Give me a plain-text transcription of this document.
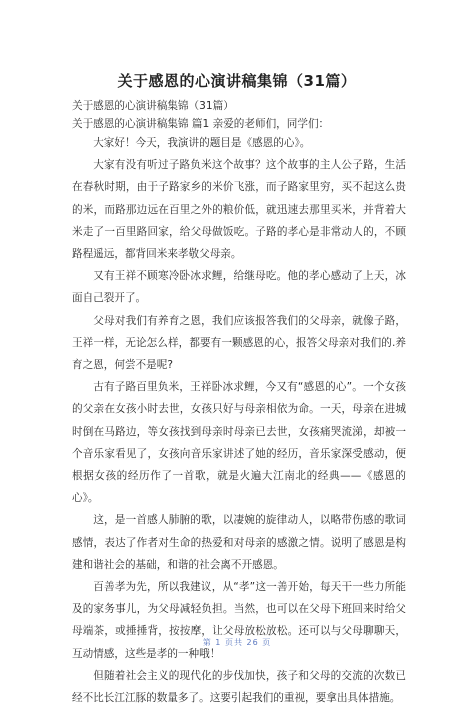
关于感恩的心演讲稿集锦（31篇）
关于感恩的心演讲稿集锦（31篇）
关于感恩的心演讲稿集锦 篇1 亲爱的老师们，同学们：

大家好！今天，我演讲的题目是《感恩的心》。

大家有没有听过子路负米这个故事？这个故事的主人公子路，生活在春秋时期，由于子路家乡的米价飞涨，而子路家里穷，买不起这么贵的米，而路那边远在百里之外的粮价低，就迅速去那里买米，并背着大米走了一百里路回家，给父母做饭吃。子路的孝心是非常动人的，不顾路程遥远，都背回米来孝敬父母亲。

又有王祥不顾寒冷卧冰求鲤，给继母吃。他的孝心感动了上天，冰面自己裂开了。

父母对我们有养育之恩，我们应该报答我们的父母亲，就像子路，王祥一样，无论怎么样，都要有一颗感恩的心，报答父母亲对我们的.养育之恩，何尝不是呢?

古有子路百里负米，王祥卧冰求鲤，今又有“感恩的心”。一个女孩的父亲在女孩小时去世，女孩只好与母亲相依为命。一天，母亲在进城时倒在马路边，等女孩找到母亲时母亲已去世，女孩痛哭流涕，却被一个音乐家看见了，女孩向音乐家讲述了她的经历，音乐家深受感动，便根据女孩的经历作了一首歌，就是火遍大江南北的经典——《感恩的心》。

这，是一首感人肺腑的歌，以凄婉的旋律动人，以略带伤感的歌词感情，表达了作者对生命的热爱和对母亲的感激之情。说明了感恩是构建和谐社会的基础，和谐的社会离不开感恩。

百善孝为先，所以我建议，从“孝”这一善开始，每天干一些力所能及的家务事儿，为父母减轻负担。当然，也可以在父母下班回来时给父母端茶，或捶捶背，按按摩，让父母放松放松。还可以与父母聊聊天，互动情感，这些是孝的一种哦！

但随着社会主义的现代化的步伐加快，孩子和父母的交流的次数已经不比长江江豚的数量多了。这要引起我们的重视，要拿出具体措施。

第 1 页共 26 页
